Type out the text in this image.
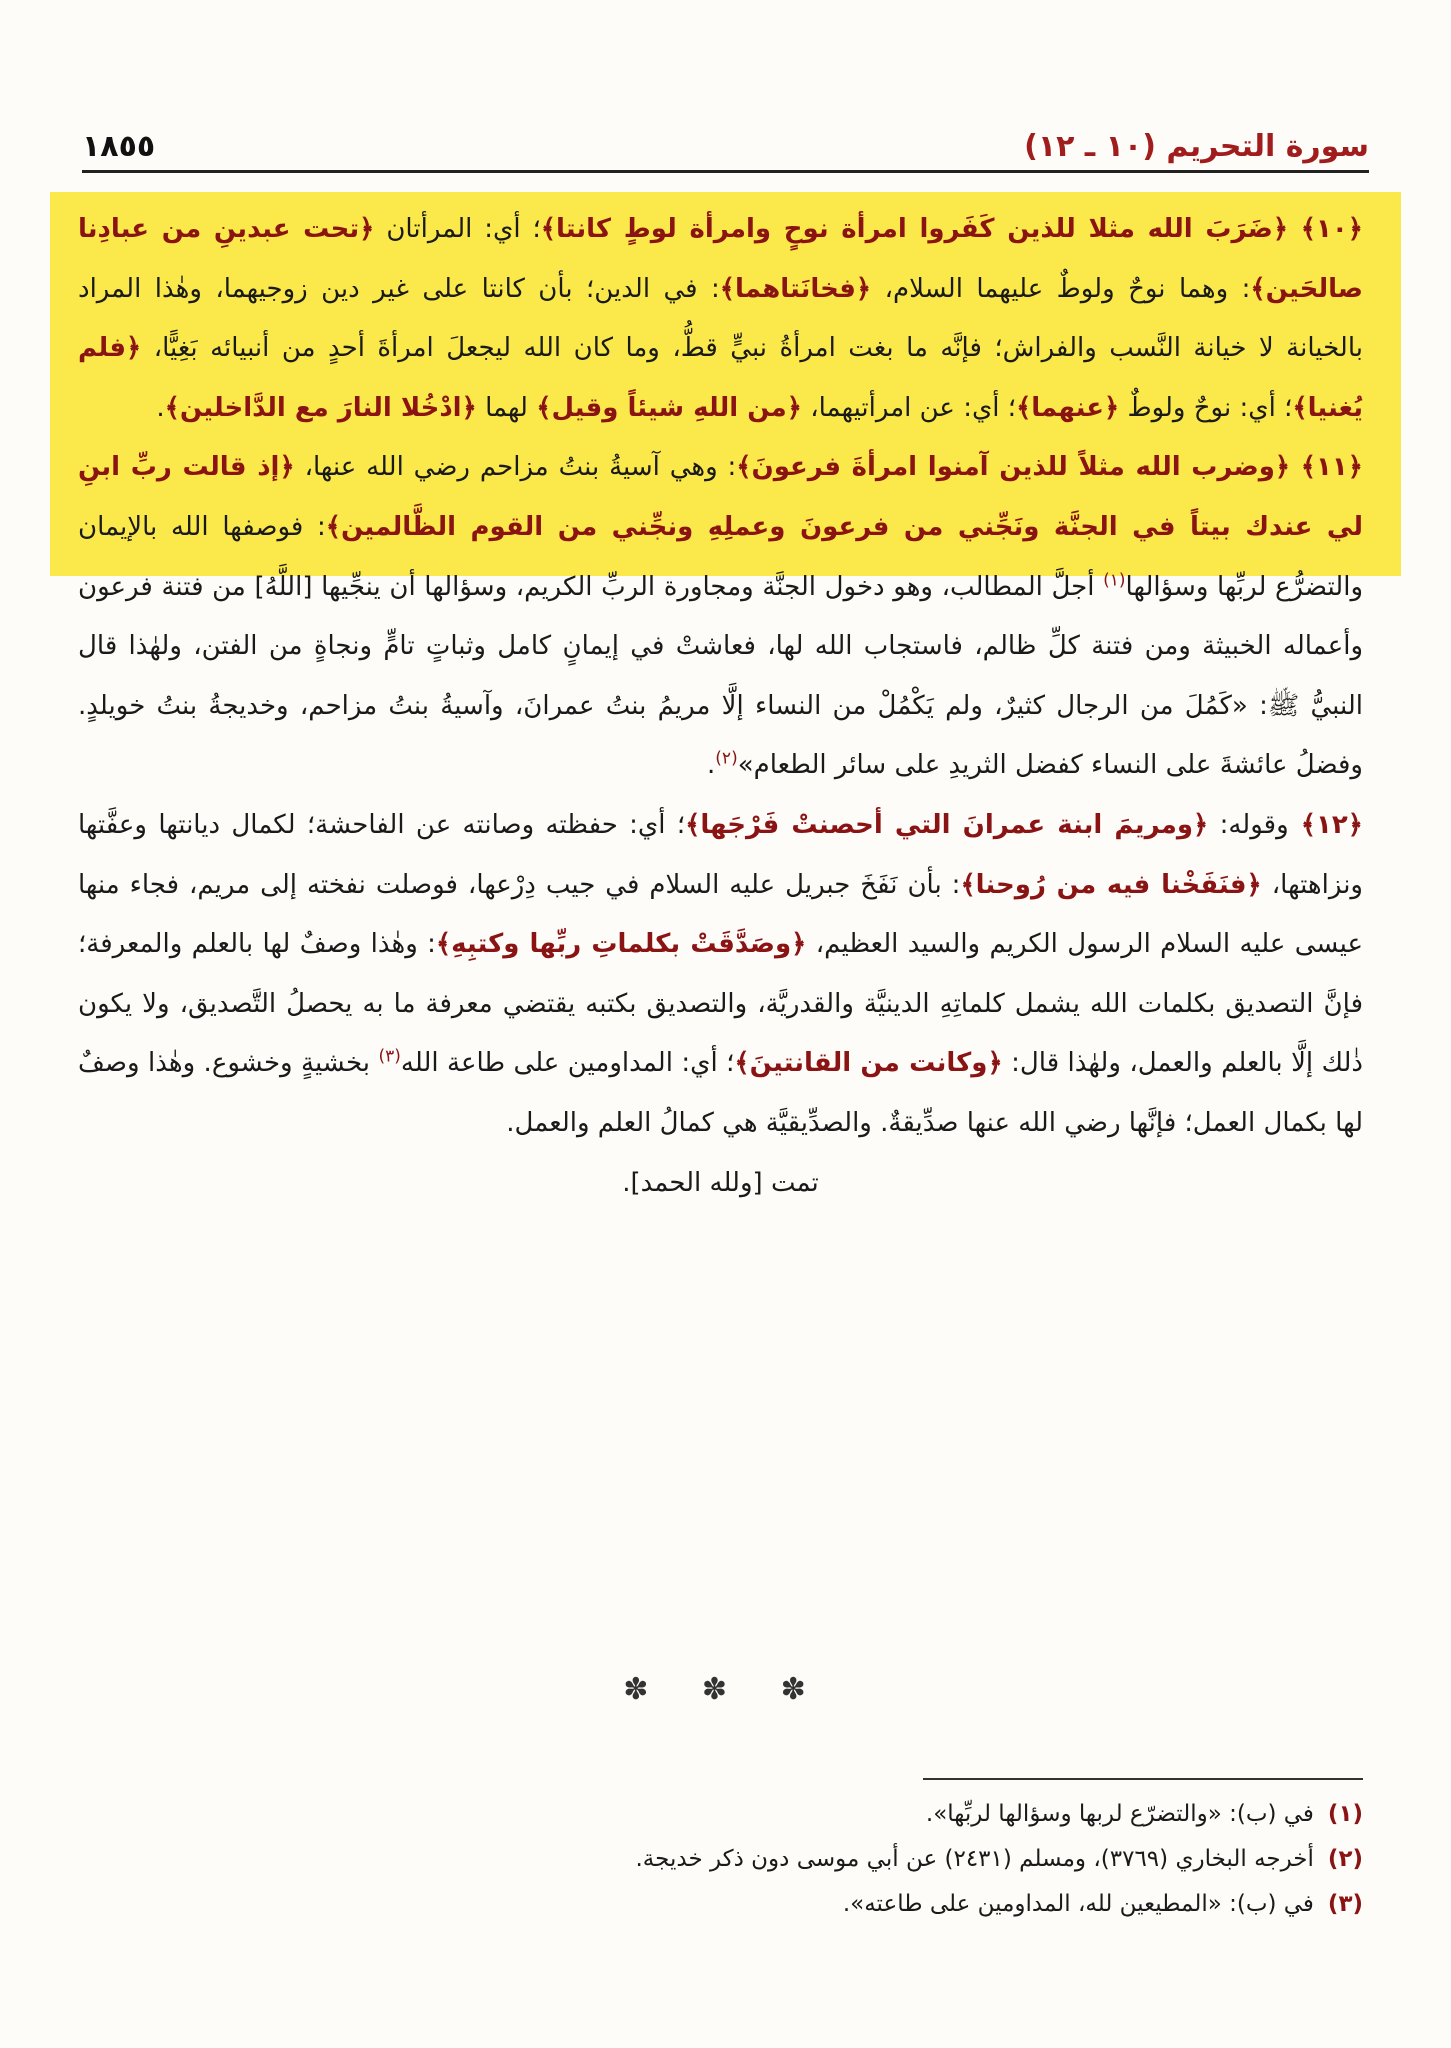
سورة التحريم (١٠ ـ ١٢)
١٨٥٥

﴿١٠﴾ ﴿ضَرَبَ الله مثلا للذين كَفَروا امرأة نوحٍ وامرأة لوطٍ كانتا﴾؛ أي: المرأتان ﴿تحت عبدينِ من عبادِنا صالحَين﴾: وهما نوحٌ ولوطٌ عليهما السلام، ﴿فخانَتاهما﴾: في الدين؛ بأن كانتا على غير دين زوجيهما، وهٰذا المراد بالخيانة لا خيانة النَّسب والفراش؛ فإنَّه ما بغت امرأةُ نبيٍّ قطُّ، وما كان الله ليجعلَ امرأةَ أحدٍ من أنبيائه بَغِيًّا، ﴿فلم يُغنيا﴾؛ أي: نوحٌ ولوطٌ ﴿عنهما﴾؛ أي: عن امرأتيهما، ﴿من اللهِ شيئاً وقيل﴾ لهما ﴿ادْخُلا النارَ مع الدَّاخلين﴾.

﴿١١﴾ ﴿وضرب الله مثلاً للذين آمنوا امرأةَ فرعونَ﴾: وهي آسيةُ بنتُ مزاحم رضي الله عنها، ﴿إذ قالت ربِّ ابنِ لي عندك بيتاً في الجنَّة ونَجِّني من فرعونَ وعملِهِ ونجِّني من القوم الظَّالمين﴾: فوصفها الله بالإيمان والتضرُّع لربِّها وسؤالها$^{(١)}$ أجلَّ المطالب، وهو دخول الجنَّة ومجاورة الربِّ الكريم، وسؤالها أن ينجِّيها [اللَّهُ] من فتنة فرعون وأعماله الخبيثة ومن فتنة كلِّ ظالم، فاستجاب الله لها، فعاشتْ في إيمانٍ كامل وثباتٍ تامٍّ ونجاةٍ من الفتن، ولهٰذا قال النبيُّ ﷺ: «كَمُلَ من الرجال كثيرٌ، ولم يَكْمُلْ من النساء إلَّا مريمُ بنتُ عمرانَ، وآسيةُ بنتُ مزاحم، وخديجةُ بنتُ خويلدٍ. وفضلُ عائشةَ على النساء كفضل الثريدِ على سائر الطعام»$^{(٢)}$.

﴿١٢﴾ وقوله: ﴿ومريمَ ابنة عمرانَ التي أحصنتْ فَرْجَها﴾؛ أي: حفظته وصانته عن الفاحشة؛ لكمال ديانتها وعفَّتها ونزاهتها، ﴿فنَفَخْنا فيه من رُوحنا﴾: بأن نَفَخَ جبريل عليه السلام في جيب دِرْعها، فوصلت نفخته إلى مريم، فجاء منها عيسى عليه السلام الرسول الكريم والسيد العظيم، ﴿وصَدَّقَتْ بكلماتِ ربِّها وكتبِهِ﴾: وهٰذا وصفٌ لها بالعلم والمعرفة؛ فإنَّ التصديق بكلمات الله يشمل كلماتِهِ الدينيَّة والقدريَّة، والتصديق بكتبه يقتضي معرفة ما به يحصلُ التَّصديق، ولا يكون ذٰلك إلَّا بالعلم والعمل، ولهٰذا قال: ﴿وكانت من القانتينَ﴾؛ أي: المداومين على طاعة الله$^{(٣)}$ بخشيةٍ وخشوع. وهٰذا وصفٌ لها بكمال العمل؛ فإنَّها رضي الله عنها صدِّيقةٌ. والصدِّيقيَّة هي كمالُ العلم والعمل.

تمت [ولله الحمد].

✽ ✽ ✽

(١)في (ب): «والتضرّع لربها وسؤالها لربِّها».

(٢)أخرجه البخاري (٣٧٦٩)، ومسلم (٢٤٣١) عن أبي موسى دون ذكر خديجة.

(٣)في (ب): «المطيعين لله، المداومين على طاعته».
